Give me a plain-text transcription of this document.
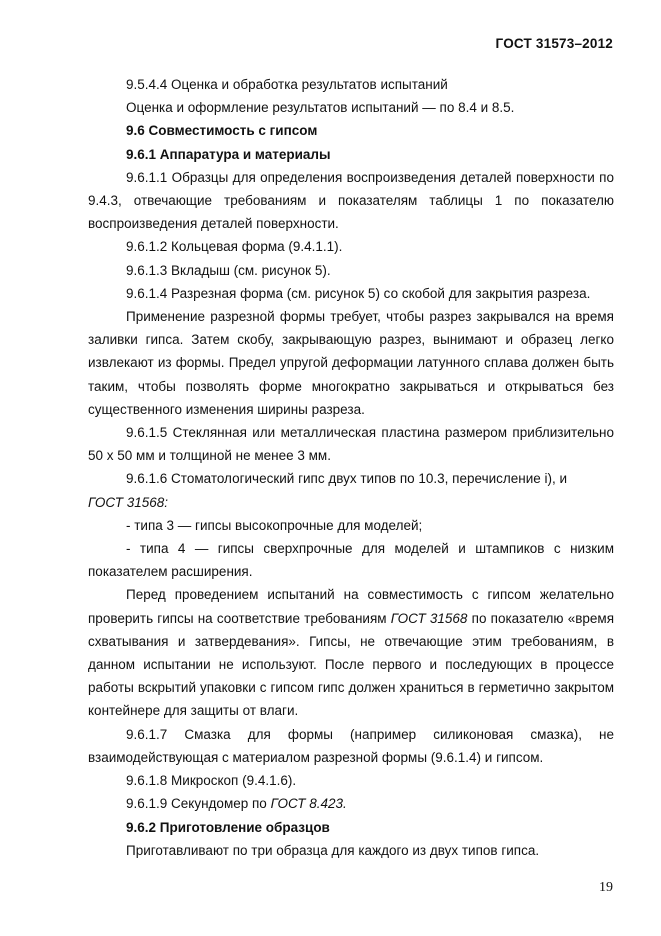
ГОСТ 31573–2012

9.5.4.4 Оценка и обработка результатов испытаний

Оценка и оформление результатов испытаний — по 8.4 и 8.5.

9.6 Совместимость с гипсом

9.6.1 Аппаратура и материалы

9.6.1.1 Образцы для определения воспроизведения деталей поверхности по 9.4.3, отвечающие требованиям и показателям таблицы 1 по показателю воспроизведения деталей поверхности.

9.6.1.2 Кольцевая форма (9.4.1.1).

9.6.1.3 Вкладыш (см. рисунок 5).

9.6.1.4 Разрезная форма (см. рисунок 5) со скобой для закрытия разреза.

Применение разрезной формы требует, чтобы разрез закрывался на время заливки гипса. Затем скобу, закрывающую разрез, вынимают и образец легко извлекают из формы. Предел упругой деформации латунного сплава должен быть таким, чтобы позволять форме многократно закрываться и открываться без существенного изменения ширины разреза.

9.6.1.5 Стеклянная или металлическая пластина размером приблизительно 50 x 50 мм и толщиной не менее 3 мм.

9.6.1.6 Стоматологический гипс двух типов по 10.3, перечисление i), и

ГОСТ 31568:

- типа 3 — гипсы высокопрочные для моделей;

- типа 4 — гипсы сверхпрочные для моделей и штампиков с низким показателем расширения.

Перед проведением испытаний на совместимость с гипсом желательно проверить гипсы на соответствие требованиям ГОСТ 31568 по показателю «время схватывания и затвердевания». Гипсы, не отвечающие этим требованиям, в данном испытании не используют. После первого и последующих в процессе работы вскрытий упаковки с гипсом гипс должен храниться в герметично закрытом контейнере для защиты от влаги.

9.6.1.7 Смазка для формы (например силиконовая смазка), не взаимодействующая с материалом разрезной формы (9.6.1.4) и гипсом.

9.6.1.8 Микроскоп (9.4.1.6).

9.6.1.9 Секундомер по ГОСТ 8.423.

9.6.2 Приготовление образцов

Приготавливают по три образца для каждого из двух типов гипса.

19
